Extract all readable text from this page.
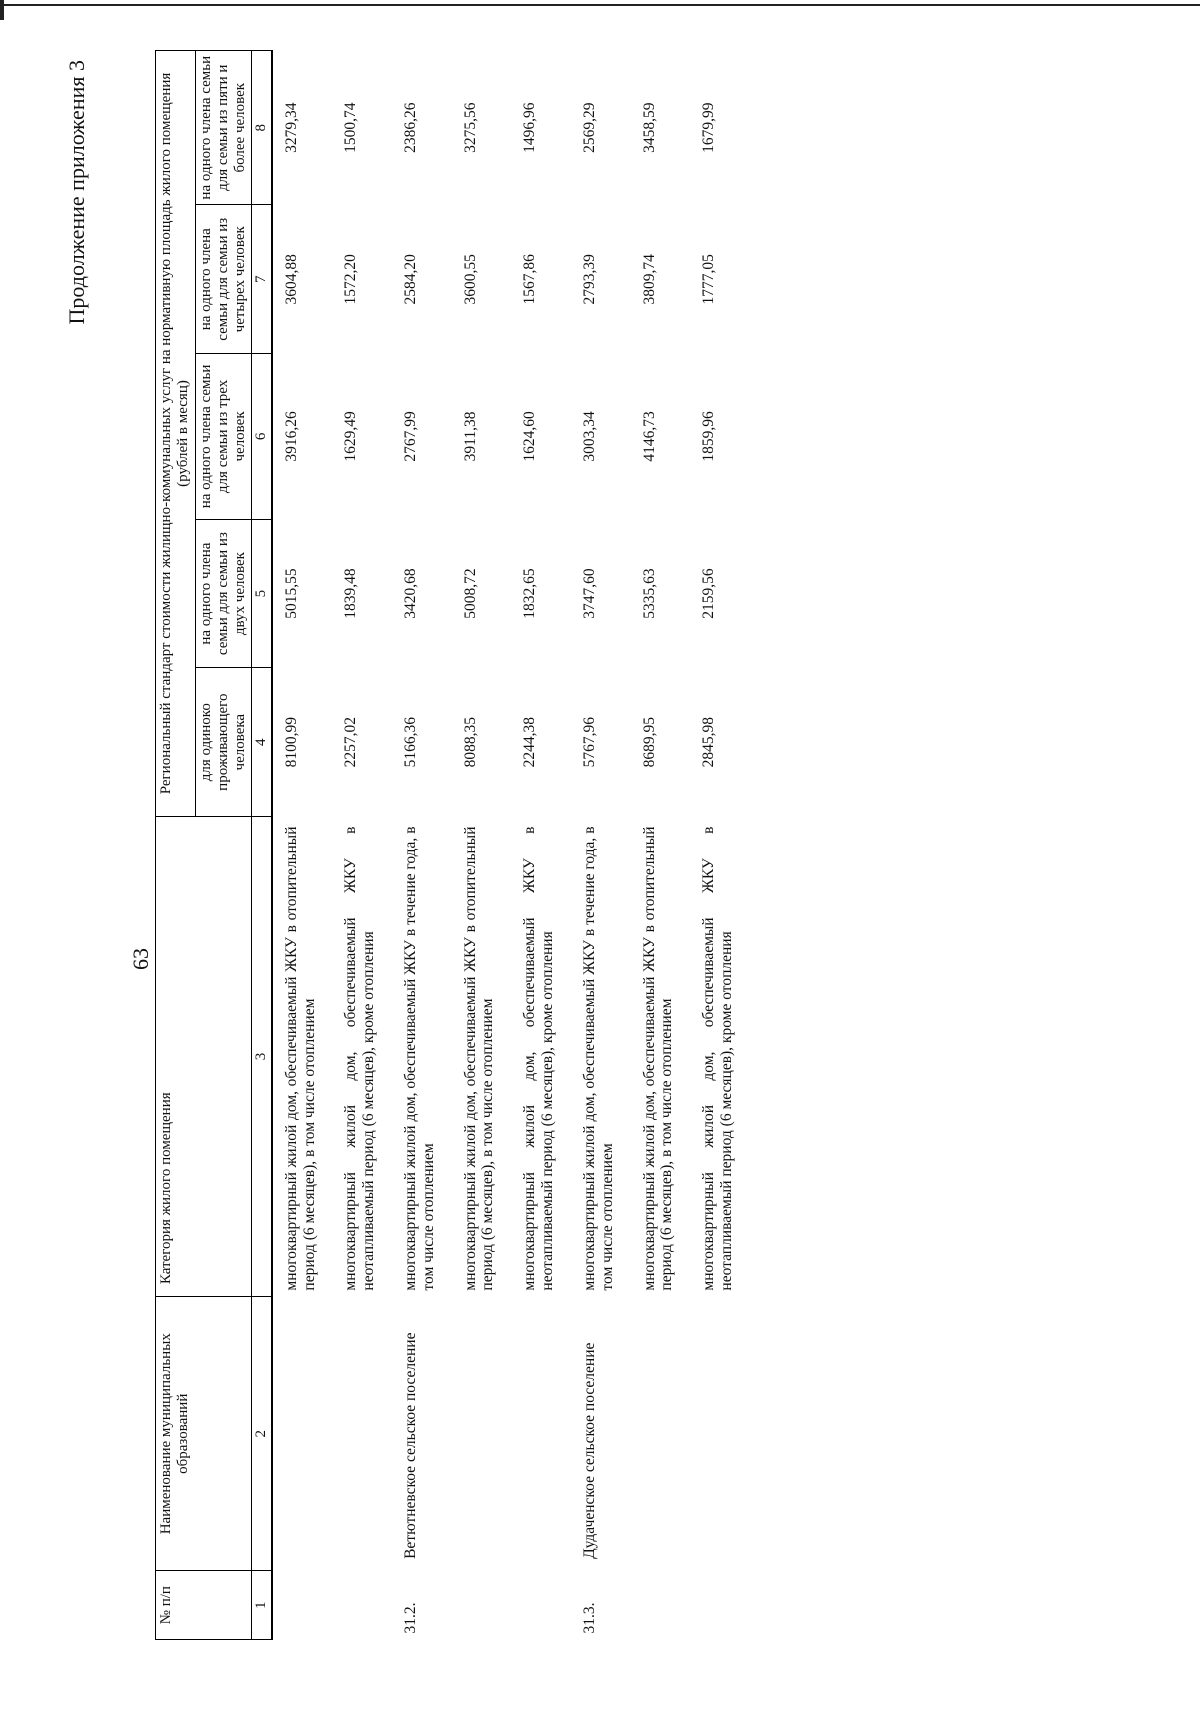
Продолжение приложения 3
63
№ п/п	Наименование муниципальных образований	Категория жилого помещения	Региональный стандарт стоимости жилищно-коммунальных услуг на нормативную площадь жилого помещения (рублей в месяц)				
			для одиноко проживающего человека	на одного члена семьи для семьи из двух человек	на одного члена семьи для семьи из трех человек	на одного члена семьи для семьи из четырех человек	на одного члена семьи для семьи из пяти и более человек
1	2	3	4	5	6	7	8
		многоквартирный жилой дом, обеспечиваемый ЖКУ в отопительный период (6 месяцев), в том числе отоплением	8100,99	5015,55	3916,26	3604,88	3279,34
		многоквартирный жилой дом, обеспечиваемый ЖКУ в неотапливаемый период (6 месяцев), кроме отопления	2257,02	1839,48	1629,49	1572,20	1500,74
31.2.	Ветютневское сельское поселение	многоквартирный жилой дом, обеспечиваемый ЖКУ в течение года, в том числе отоплением	5166,36	3420,68	2767,99	2584,20	2386,26
		многоквартирный жилой дом, обеспечиваемый ЖКУ в отопительный период (6 месяцев), в том числе отоплением	8088,35	5008,72	3911,38	3600,55	3275,56
		многоквартирный жилой дом, обеспечиваемый ЖКУ в неотапливаемый период (6 месяцев), кроме отопления	2244,38	1832,65	1624,60	1567,86	1496,96
31.3.	Дудаченское сельское поселение	многоквартирный жилой дом, обеспечиваемый ЖКУ в течение года, в том числе отоплением	5767,96	3747,60	3003,34	2793,39	2569,29
		многоквартирный жилой дом, обеспечиваемый ЖКУ в отопительный период (6 месяцев), в том числе отоплением	8689,95	5335,63	4146,73	3809,74	3458,59
		многоквартирный жилой дом, обеспечиваемый ЖКУ в неотапливаемый период (6 месяцев), кроме отопления	2845,98	2159,56	1859,96	1777,05	1679,99
